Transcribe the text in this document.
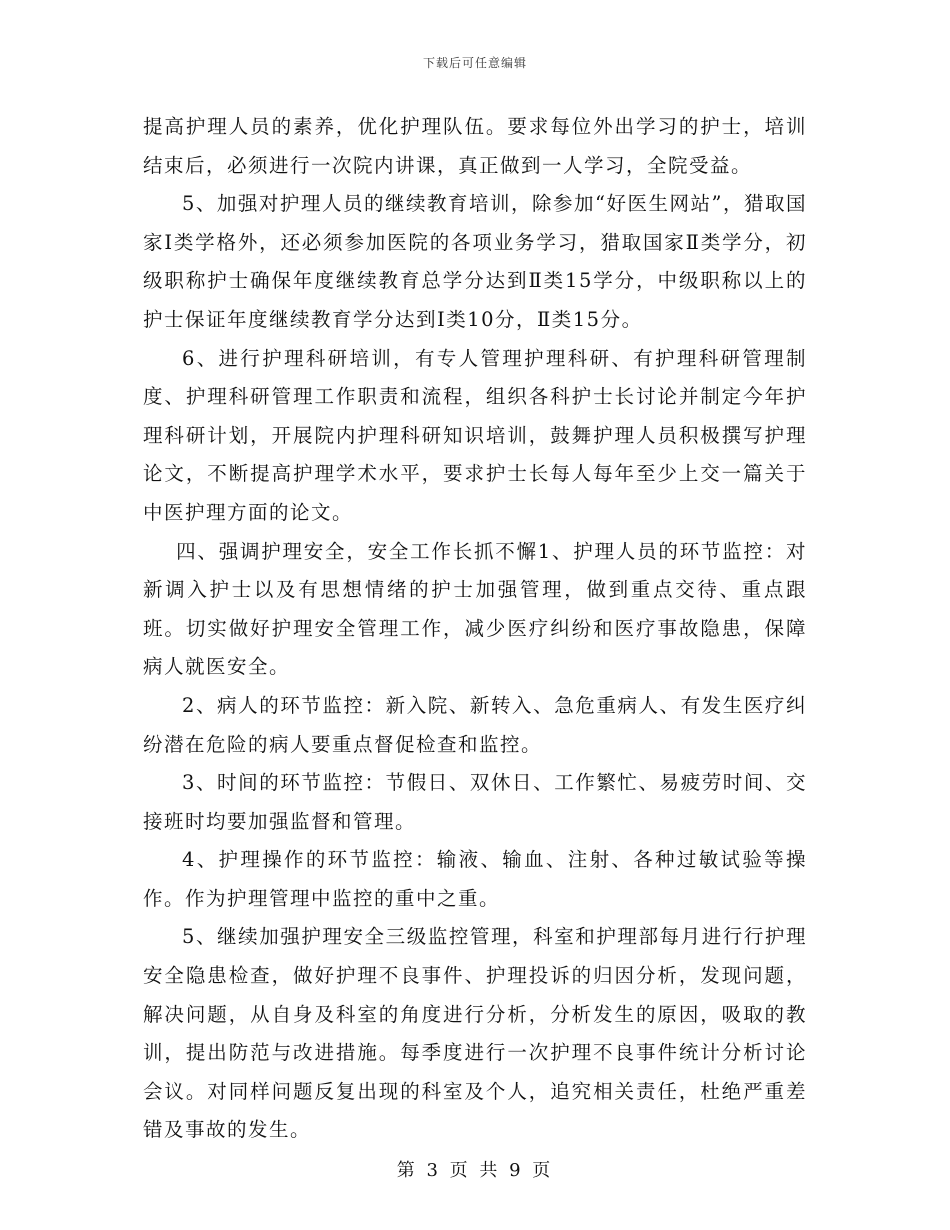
下载后可任意编辑

提高护理人员的素养，优化护理队伍。要求每位外出学习的护士，培训结束后，必须进行一次院内讲课，真正做到一人学习，全院受益。

5、加强对护理人员的继续教育培训，除参加“好医生网站”，猎取国家Ⅰ类学格外，还必须参加医院的各项业务学习，猎取国家Ⅱ类学分，初级职称护士确保年度继续教育总学分达到Ⅱ类15学分，中级职称以上的护士保证年度继续教育学分达到Ⅰ类10分，Ⅱ类15分。

6、进行护理科研培训，有专人管理护理科研、有护理科研管理制度、护理科研管理工作职责和流程，组织各科护士长讨论并制定今年护理科研计划，开展院内护理科研知识培训，鼓舞护理人员积极撰写护理论文，不断提高护理学术水平，要求护士长每人每年至少上交一篇关于中医护理方面的论文。

四、强调护理安全，安全工作长抓不懈1、护理人员的环节监控：对新调入护士以及有思想情绪的护士加强管理，做到重点交待、重点跟班。切实做好护理安全管理工作，减少医疗纠纷和医疗事故隐患，保障病人就医安全。

2、病人的环节监控：新入院、新转入、急危重病人、有发生医疗纠纷潜在危险的病人要重点督促检查和监控。

3、时间的环节监控：节假日、双休日、工作繁忙、易疲劳时间、交接班时均要加强监督和管理。

4、护理操作的环节监控：输液、输血、注射、各种过敏试验等操作。作为护理管理中监控的重中之重。

5、继续加强护理安全三级监控管理，科室和护理部每月进行行护理安全隐患检查，做好护理不良事件、护理投诉的归因分析，发现问题，解决问题，从自身及科室的角度进行分析，分析发生的原因，吸取的教训，提出防范与改进措施。每季度进行一次护理不良事件统计分析讨论会议。对同样问题反复出现的科室及个人，追究相关责任，杜绝严重差错及事故的发生。

第 3 页 共 9 页
